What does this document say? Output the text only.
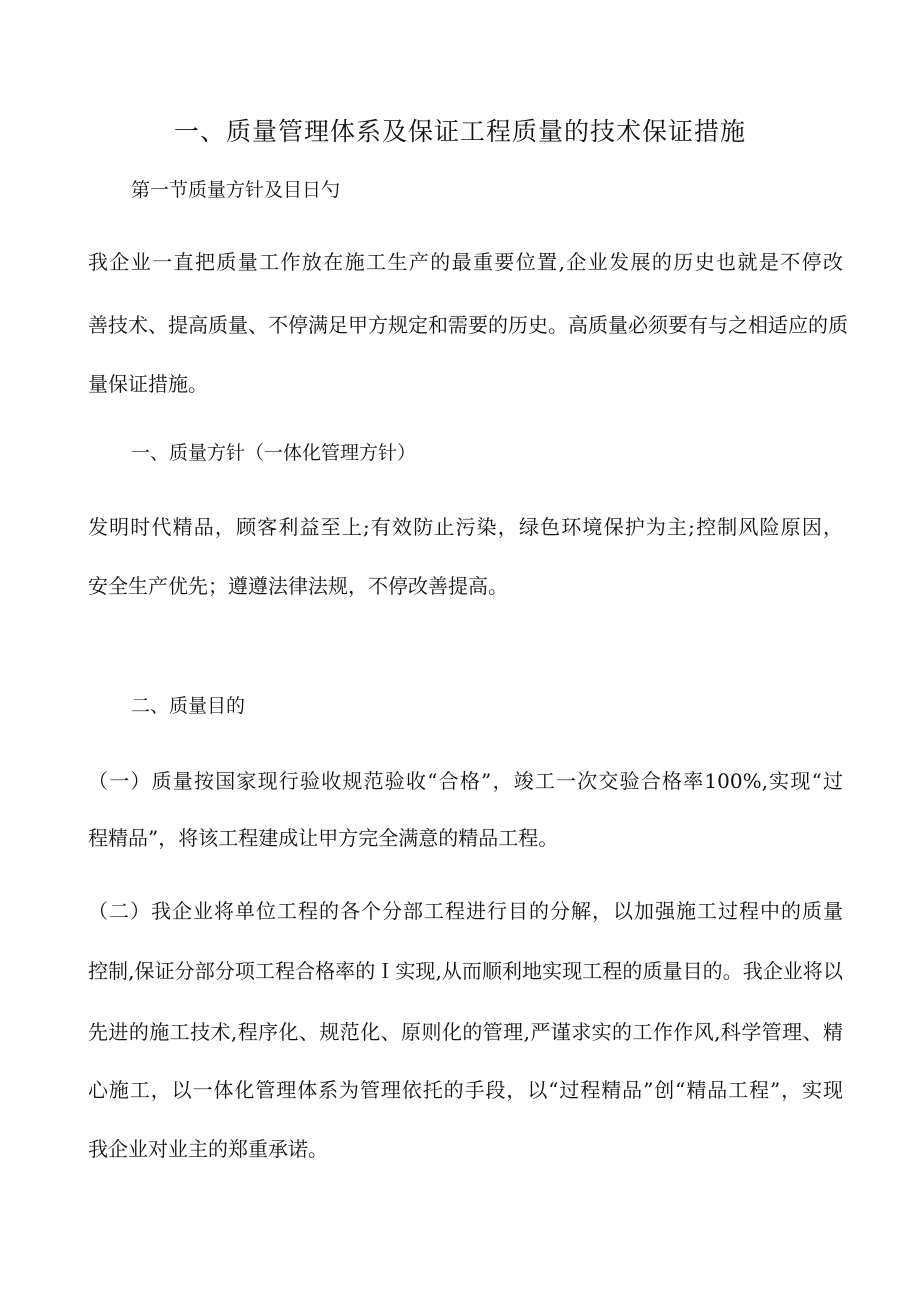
一、质量管理体系及保证工程质量的技术保证措施
第一节质量方针及目日勺
我企业一直把质量工作放在施工生产的最重要位置,企业发展的历史也就是不停改
善技术、提高质量、不停满足甲方规定和需要的历史。高质量必须要有与之相适应的质
量保证措施。
一、质量方针（一体化管理方针）
发明时代精品，顾客利益至上;有效防止污染，绿色环境保护为主;控制风险原因，
安全生产优先；遵遵法律法规，不停改善提高。
二、质量目的
（一）质量按国家现行验收规范验收“合格”，竣工一次交验合格率100%,实现“过
程精品”，将该工程建成让甲方完全满意的精品工程。
（二）我企业将单位工程的各个分部工程进行目的分解，以加强施工过程中的质量
控制,保证分部分项工程合格率的Ｉ实现,从而顺利地实现工程的质量目的。我企业将以
先进的施工技术,程序化、规范化、原则化的管理,严谨求实的工作作风,科学管理、精
心施工，以一体化管理体系为管理依托的手段，以“过程精品”创“精品工程”，实现
我企业对业主的郑重承诺。
